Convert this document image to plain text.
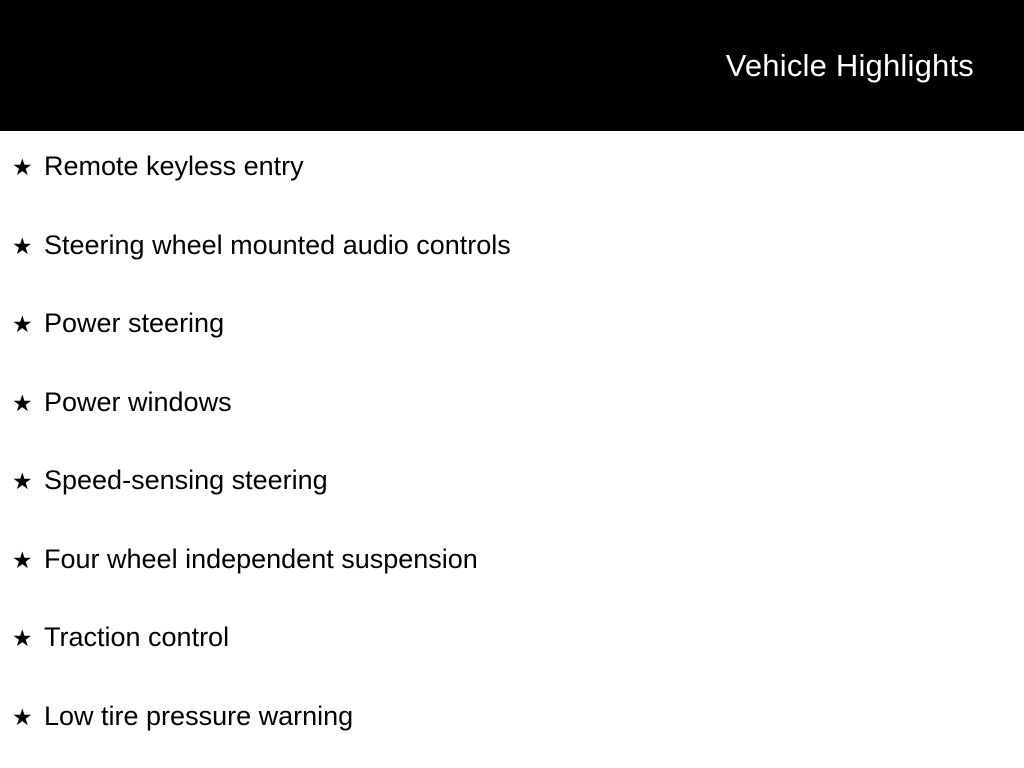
Vehicle Highlights
★ Remote keyless entry
★ Steering wheel mounted audio controls
★ Power steering
★ Power windows
★ Speed-sensing steering
★ Four wheel independent suspension
★ Traction control
★ Low tire pressure warning
